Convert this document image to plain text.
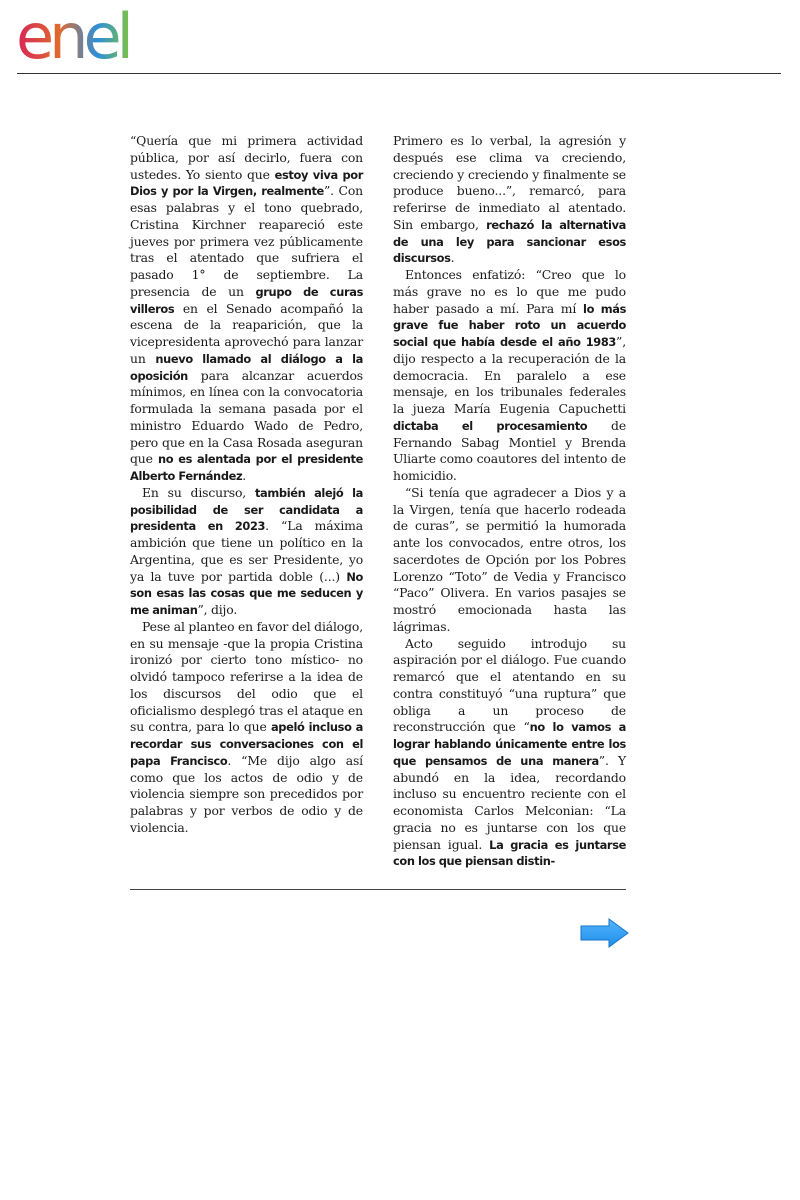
enel

“Quería que mi primera actividad pública, por así decirlo, fuera con ustedes. Yo siento que estoy viva por Dios y por la Virgen, realmente”. Con esas palabras y el tono quebrado, Cristina Kirchner reapareció este jueves por primera vez públicamente tras el atentado que sufriera el pasado 1° de septiembre. La presencia de un grupo de curas villeros en el Senado acompañó la escena de la reaparición, que la vicepresidenta aprovechó para lanzar un nuevo llamado al diálogo a la oposición para alcanzar acuerdos mínimos, en línea con la convocatoria formulada la semana pasada por el ministro Eduardo Wado de Pedro, pero que en la Casa Rosada aseguran que no es alentada por el presidente Alberto Fernández.

En su discurso, también alejó la posibilidad de ser candidata a presidenta en 2023. “La máxima ambición que tiene un político en la Argentina, que es ser Presidente, yo ya la tuve por partida doble (...) No son esas las cosas que me seducen y me animan”, dijo.

Pese al planteo en favor del diálogo, en su mensaje -que la propia Cristina ironizó por cierto tono místico- no olvidó tampoco referirse a la idea de los discursos del odio que el oficialismo desplegó tras el ataque en su contra, para lo que apeló incluso a recordar sus conversaciones con el papa Francisco. “Me dijo algo así como que los actos de odio y de violencia siempre son precedidos por palabras y por verbos de odio y de violencia.

Primero es lo verbal, la agresión y después ese clima va creciendo, creciendo y creciendo y finalmente se produce bueno...”, remarcó, para referirse de inmediato al atentado. Sin embargo, rechazó la alternativa de una ley para sancionar esos discursos.

Entonces enfatizó: “Creo que lo más grave no es lo que me pudo haber pasado a mí. Para mí lo más grave fue haber roto un acuerdo social que había desde el año 1983”, dijo respecto a la recuperación de la democracia. En paralelo a ese mensaje, en los tribunales federales la jueza María Eugenia Capuchetti dictaba el procesamiento de Fernando Sabag Montiel y Brenda Uliarte como coautores del intento de homicidio.

“Si tenía que agradecer a Dios y a la Virgen, tenía que hacerlo rodeada de curas”, se permitió la humorada ante los convocados, entre otros, los sacerdotes de Opción por los Pobres Lorenzo “Toto” de Vedia y Francisco “Paco” Olivera. En varios pasajes se mostró emocionada hasta las lágrimas.

Acto seguido introdujo su aspiración por el diálogo. Fue cuando remarcó que el atentando en su contra constituyó “una ruptura” que obliga a un proceso de reconstrucción que “no lo vamos a lograr hablando únicamente entre los que pensamos de una manera”. Y abundó en la idea, recordando incluso su encuentro reciente con el economista Carlos Melconian: “La gracia no es juntarse con los que piensan igual. La gracia es juntarse con los que piensan distin-
